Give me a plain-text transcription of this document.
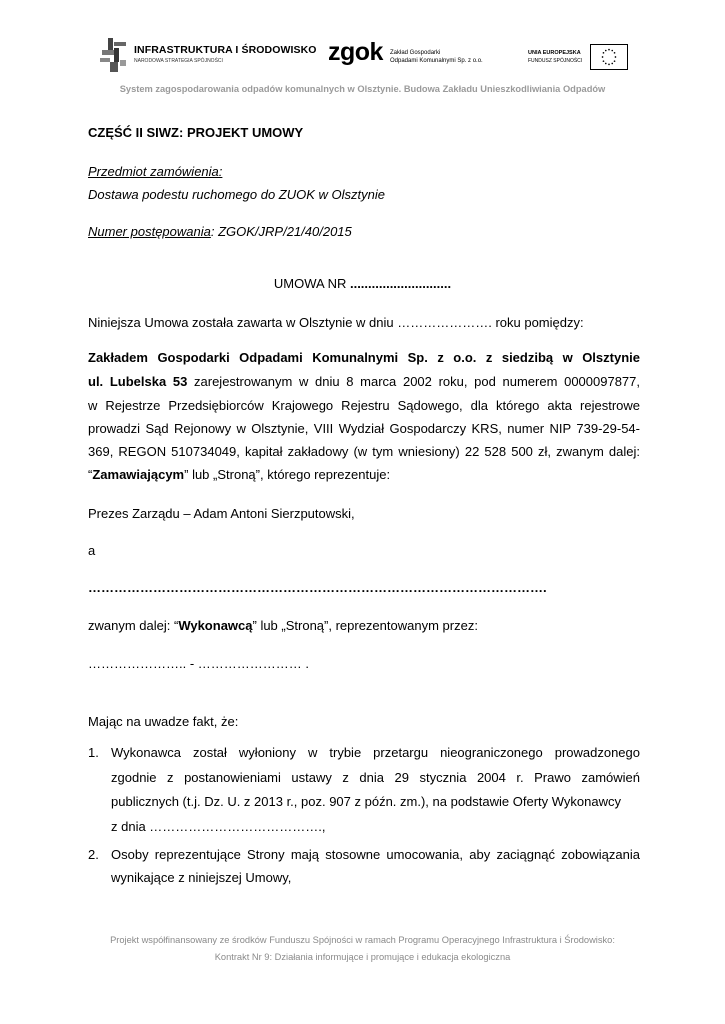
INFRASTRUKTURA I ŚRODOWISKO
NARODOWA STRATEGIA SPÓJNOŚCI	zgok Zakład Gospodarki
Odpadami Komunalnymi Sp. z o.o.
UNIA EUROPEJSKA
FUNDUSZ SPÓJNOŚCI
System zagospodarowania odpadów komunalnych w Olsztynie. Budowa Zakładu Unieszkodliwiania Odpadów
CZĘŚĆ II SIWZ: PROJEKT UMOWY
Przedmiot zamówienia:
Dostawa podestu ruchomego do ZUOK w Olsztynie
Numer postępowania: ZGOK/JRP/21/40/2015
UMOWA NR ............................
Niniejsza Umowa została zawarta w Olsztynie w dniu …………………. roku pomiędzy:
Zakładem Gospodarki Odpadami Komunalnymi Sp. z o.o. z siedzibą w Olsztynie
ul. Lubelska 53 zarejestrowanym w dniu 8 marca 2002 roku, pod numerem 0000097877,
w Rejestrze Przedsiębiorców Krajowego Rejestru Sądowego, dla którego akta rejestrowe
prowadzi Sąd Rejonowy w Olsztynie, VIII Wydział Gospodarczy KRS, numer NIP 739-29-54-
369, REGON 510734049, kapitał zakładowy (w tym wniesiony) 22 528 500 zł, zwanym dalej:
“Zamawiającym” lub „Stroną”, którego reprezentuje:
Prezes Zarządu – Adam Antoni Sierzputowski,
a
…………………………………………………………………………………………….
zwanym dalej: “Wykonawcą” lub „Stroną”, reprezentowanym przez:
………………….. - …………………… .
Mając na uwadze fakt, że:
1. Wykonawca został wyłoniony w trybie przetargu nieograniczonego prowadzonego
zgodnie z postanowieniami ustawy z dnia 29 stycznia 2004 r. Prawo zamówień
publicznych (t.j. Dz. U. z 2013 r., poz. 907 z późn. zm.), na podstawie Oferty Wykonawcy
z dnia ………………………………….,
2. Osoby reprezentujące Strony mają stosowne umocowania, aby zaciągnąć zobowiązania
wynikające z niniejszej Umowy,
Projekt współfinansowany ze środków Funduszu Spójności w ramach Programu Operacyjnego Infrastruktura i Środowisko:
Kontrakt Nr 9: Działania informujące i promujące i edukacja ekologiczna
